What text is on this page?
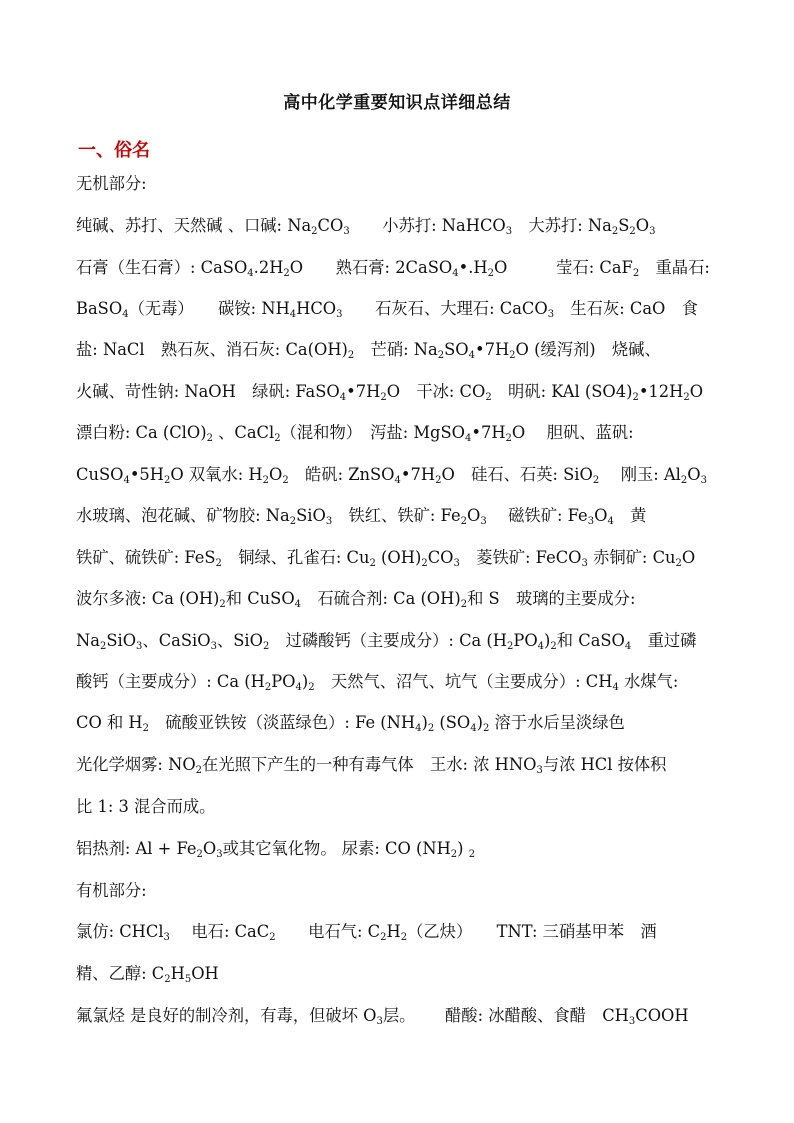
高中化学重要知识点详细总结
一、俗名
无机部分:
纯碱、苏打、天然碱 、口碱: $Na_2CO_3$　　小苏打: NaHCO$_3$　大苏打: $Na_2S_2O_3$
石膏（生石膏）: $CaSO_4.2H_2O$　　熟石膏: $2CaSO_4•.H_2O$　　　莹石: CaF$_2$　重晶石:
BaSO$_4$（无毒）　　碳铵: $NH_4HCO_3$　　石灰石、大理石: CaCO$_3$　生石灰: CaO　食
盐: NaCl　熟石灰、消石灰: $Ca(OH)_2$　芒硝: $Na_2SO_4•7H_2O$ (缓泻剂)　烧碱、
火碱、苛性钠: NaOH　绿矾: $FaSO_4•7H_2O$　干冰: $CO_2$　明矾: KAl $(SO4)_2•12H_2O$
漂白粉: Ca $(ClO)_2$ 、CaCl$_2$（混和物）　泻盐: $MgSO_4•7H_2O$　 胆矾、蓝矾:
$CuSO_4•5H_2O$ 双氧水: $H_2O_2$　皓矾: $ZnSO_4•7H_2O$　硅石、石英: SiO$_2$　 刚玉: $Al_2O_3$
水玻璃、泡花碱、矿物胶: $Na_2SiO_3$　铁红、铁矿: $Fe_2O_3$　 磁铁矿: $Fe_3O_4$　黄
铁矿、硫铁矿: FeS$_2$　铜绿、孔雀石: $Cu_2$ $(OH)_2CO_3$　菱铁矿: FeCO$_3$ 赤铜矿: $Cu_2O$
波尔多液: Ca $(OH)_2$和 CuSO$_4$　石硫合剂: Ca $(OH)_2$和 S　玻璃的主要成分:
$Na_2SiO_3$、CaSiO$_3$、SiO$_2$　过磷酸钙（主要成分）: Ca $(H_2PO_4)_2$和 CaSO$_4$　重过磷
酸钙（主要成分）: Ca $(H_2PO_4)_2$　天然气、沼气、坑气（主要成分）: $CH_4$ 水煤气:
CO 和 $H_2$　硫酸亚铁铵（淡蓝绿色）: Fe $(NH_4)_2$ $(SO_4)_2$ 溶于水后呈淡绿色
光化学烟雾: $NO_2$在光照下产生的一种有毒气体　王水: 浓 $HNO_3$与浓 HCl 按体积
比 1: 3 混合而成。
铝热剂: $Al + Fe_2O_3$或其它氧化物。 尿素: CO $(NH_2)$ $_2$
有机部分:
氯仿: CHCl$_3$　 电石: CaC$_2$　　电石气: $C_2H_2$（乙炔）　　TNT: 三硝基甲苯　酒
精、乙醇: $C_2H_5OH$
氟氯烃 是良好的制冷剂，有毒，但破坏 $O_3$层。　　 醋酸: 冰醋酸、食醋　$CH_3COOH$
